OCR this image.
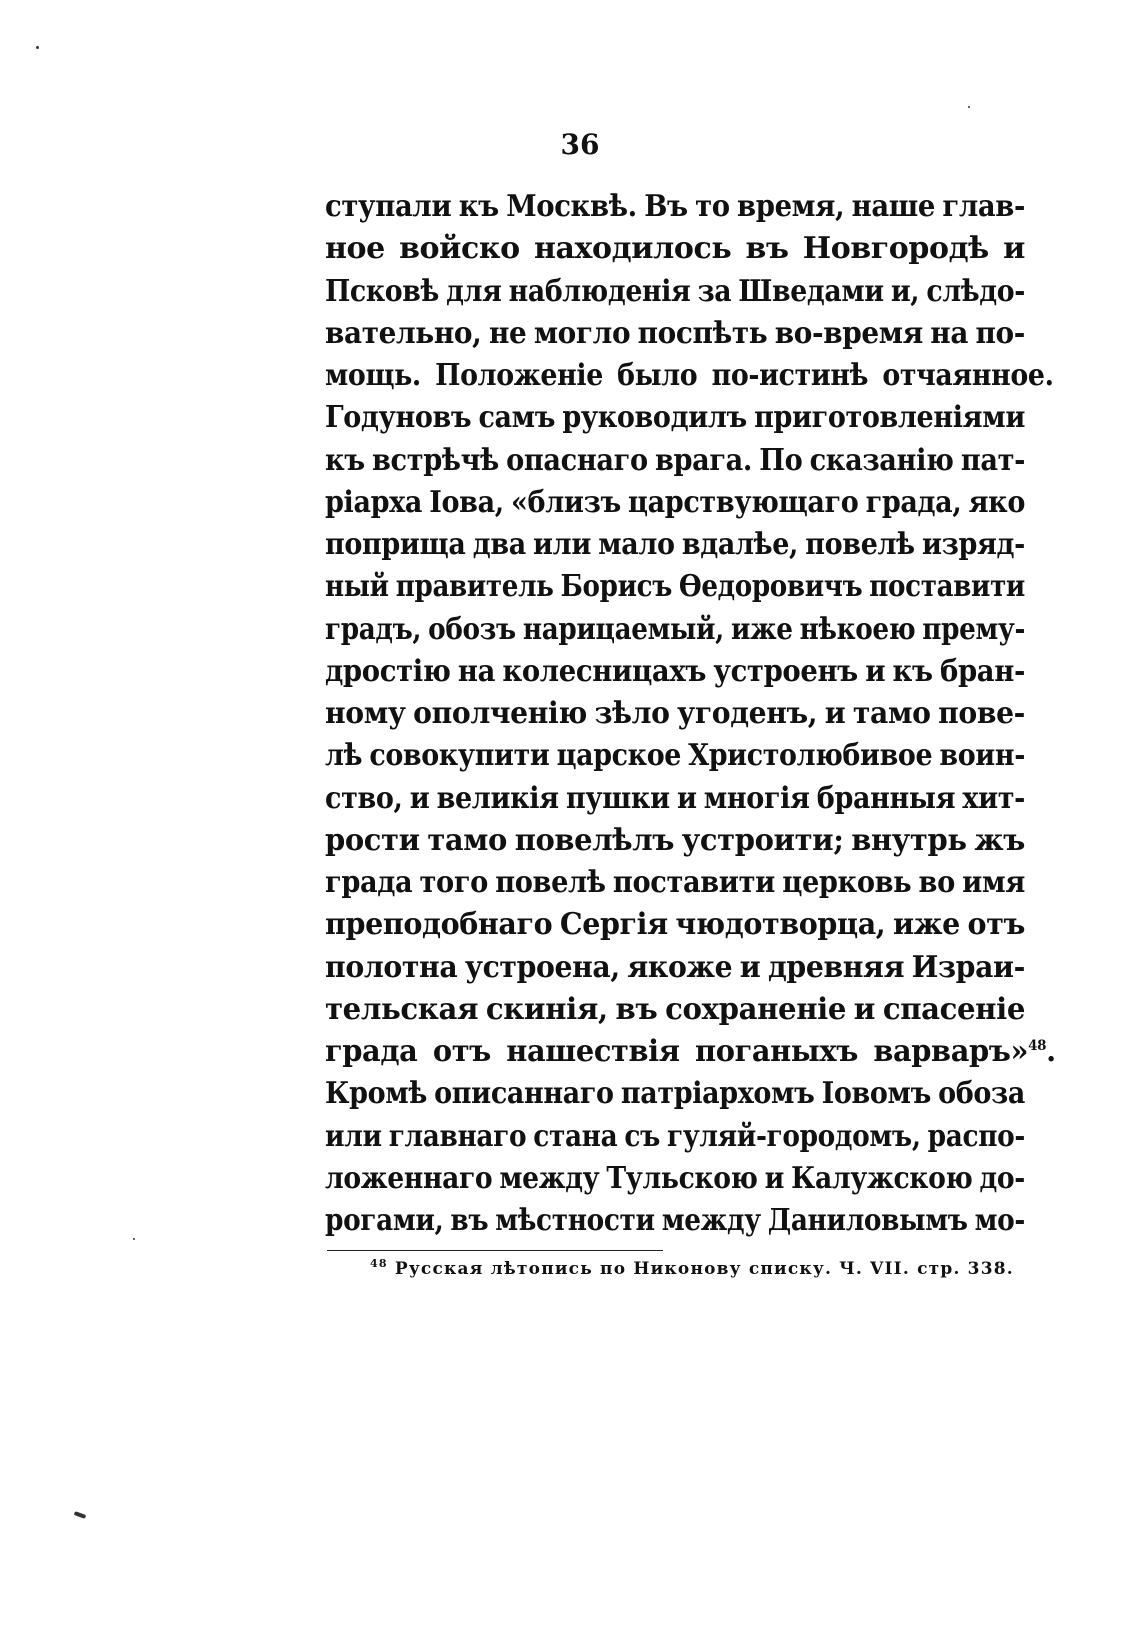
36
ступали къ Москвѣ. Въ то время, наше глав-
ное войско находилось въ Новгородѣ и
Псковѣ для наблюденія за Шведами и, слѣдо-
вательно, не могло поспѣть во-время на по-
мощь. Положеніе было по-истинѣ отчаянное.
Годуновъ самъ руководилъ приготовленіями
къ встрѣчѣ опаснаго врага. По сказанію пат-
ріарха Іова, «близъ царствующаго града, яко
поприща два или мало вдалѣе, повелѣ изряд-
ный правитель Борисъ Ѳедоровичъ поставити
градъ, обозъ нарицаемый, иже нѣкоею прему-
дростію на колесницахъ устроенъ и къ бран-
ному ополченію зѣло угоденъ, и тамо пове-
лѣ совокупити царское Христолюбивое воин-
ство, и великія пушки и многія бранныя хит-
рости тамо повелѣлъ устроити; внутрь жъ
града того повелѣ поставити церковь во имя
преподобнаго Сергія чюдотворца, иже отъ
полотна устроена, якоже и древняя Израи-
тельская скинія, въ сохраненіе и спасеніе
града отъ нашествія поганыхъ варваръ»48.
Кромѣ описаннаго патріархомъ Іовомъ обоза
или главнаго стана съ гуляй-городомъ, распо-
ложеннаго между Тульскою и Калужскою до-
рогами, въ мѣстности между Даниловымъ мо-
$^{48}$ Русская лѣтопись по Никонову списку. Ч. VII. стр. 338.
